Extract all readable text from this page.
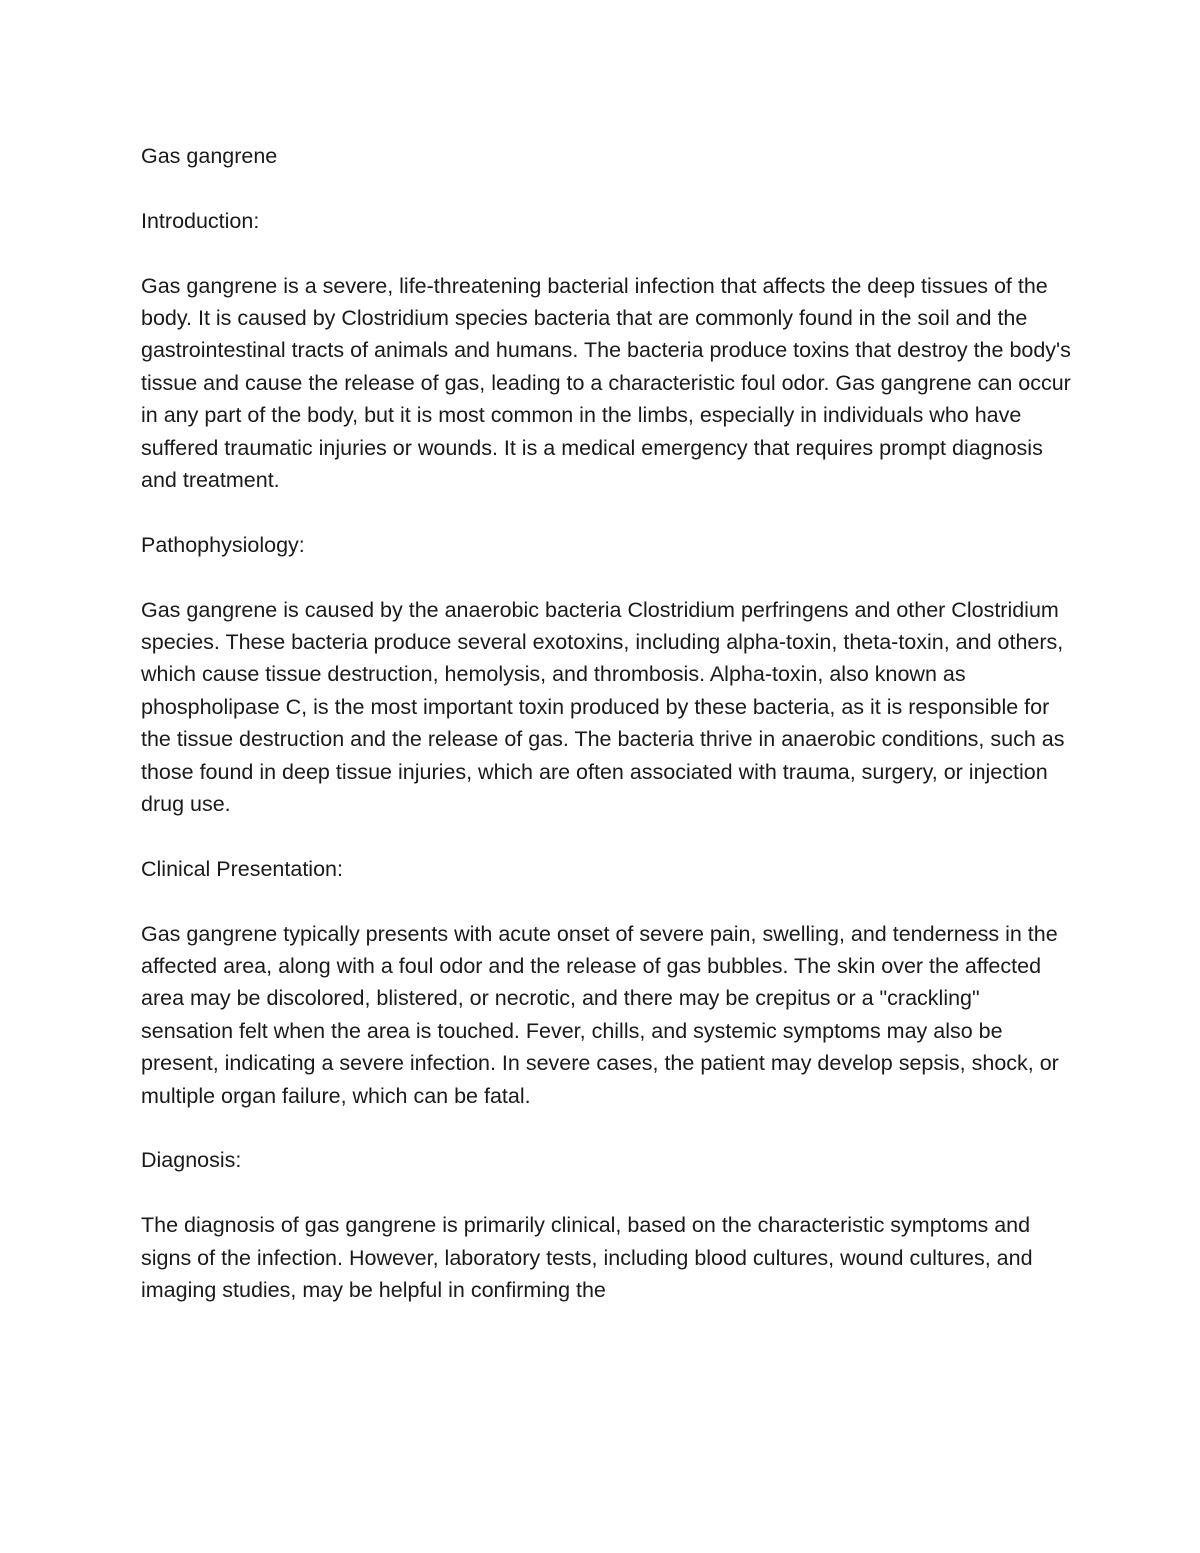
Gas gangrene

Introduction:

Gas gangrene is a severe, life-threatening bacterial infection that affects the deep tissues of the body. It is caused by Clostridium species bacteria that are commonly found in the soil and the gastrointestinal tracts of animals and humans. The bacteria produce toxins that destroy the body's tissue and cause the release of gas, leading to a characteristic foul odor. Gas gangrene can occur in any part of the body, but it is most common in the limbs, especially in individuals who have suffered traumatic injuries or wounds. It is a medical emergency that requires prompt diagnosis and treatment.

Pathophysiology:

Gas gangrene is caused by the anaerobic bacteria Clostridium perfringens and other Clostridium species. These bacteria produce several exotoxins, including alpha-toxin, theta-toxin, and others, which cause tissue destruction, hemolysis, and thrombosis. Alpha-toxin, also known as phospholipase C, is the most important toxin produced by these bacteria, as it is responsible for the tissue destruction and the release of gas. The bacteria thrive in anaerobic conditions, such as those found in deep tissue injuries, which are often associated with trauma, surgery, or injection drug use.

Clinical Presentation:

Gas gangrene typically presents with acute onset of severe pain, swelling, and tenderness in the affected area, along with a foul odor and the release of gas bubbles. The skin over the affected area may be discolored, blistered, or necrotic, and there may be crepitus or a "crackling" sensation felt when the area is touched. Fever, chills, and systemic symptoms may also be present, indicating a severe infection. In severe cases, the patient may develop sepsis, shock, or multiple organ failure, which can be fatal.

Diagnosis:

The diagnosis of gas gangrene is primarily clinical, based on the characteristic symptoms and signs of the infection. However, laboratory tests, including blood cultures, wound cultures, and imaging studies, may be helpful in confirming the
